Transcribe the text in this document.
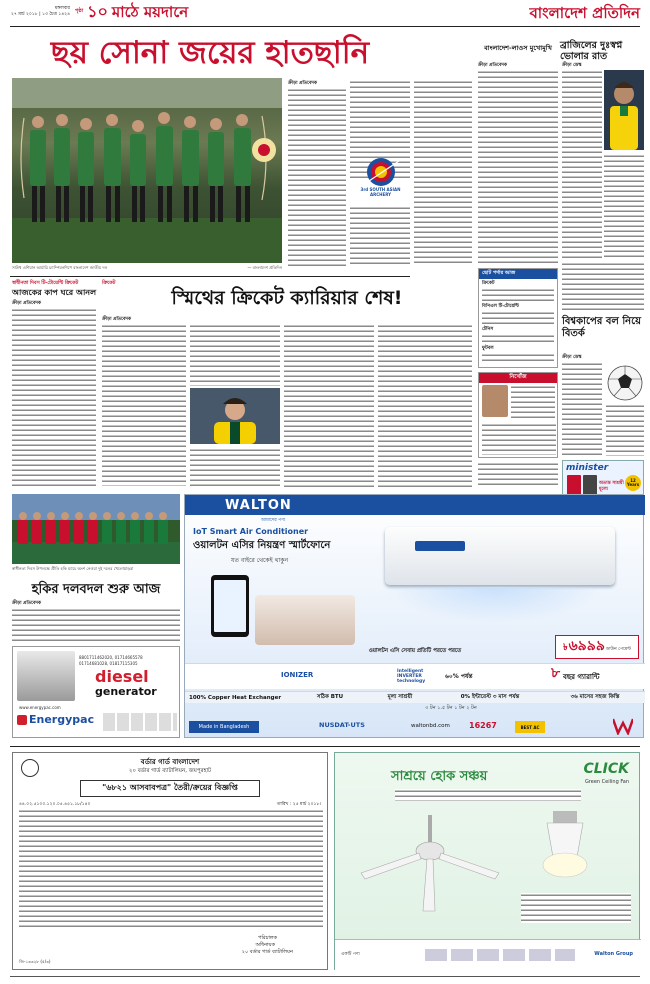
মঙ্গলবার
২৭ মার্চ ২০১৮ | ১৩ চৈত্র ১৪২৪
পৃষ্ঠা ১০ মাঠে ময়দানে	বাংলাদেশ প্রতিদিন
ছয় সোনা জয়ের হাতছানি
সাউথ এশিয়ান আর্চারি চ্যাম্পিয়নশিপে বাংলাদেশ জাতীয় দল	— বাংলাদেশ প্রতিদিন
ক্রীড়া প্রতিবেদক
3rd SOUTH ASIAN ARCHERY
বাংলাদেশ-লাওস মুখোমুখি
ক্রীড়া প্রতিবেদক
ব্রাজিলের দুঃস্বপ্ন ভোলার রাত
ক্রীড়া ডেস্ক
স্বাধীনতা দিবস টি-টোয়েন্টি ক্রিকেট
আজকের কাপ ঘরে আনল
ক্রীড়া প্রতিবেদক
ক্রিকেট
স্মিথের ক্রিকেট ক্যারিয়ার শেষ!
ক্রীড়া প্রতিবেদক
ছোট পর্দার আজ
ক্রিকেট
বিপিএল টি-টোয়েন্টি
টেনিস
ফুটবল
নিখোঁজ
বিশ্বকাপের বল নিয়ে বিতর্ক
ক্রীড়া ডেস্ক
minister
অত্যন্ত সাশ্রয়ী মূল্যে
12 Years
স্বাধীনতা দিবস উপলক্ষে প্রীতি হকি ম্যাচে অংশ নেওয়া দুই দলের খেলোয়াড়রা
হকির দলবদল শুরু আজ
ক্রীড়া প্রতিবেদক
8801711462020, 01714665578
01714681028, 01817115305
diesel
generator
Energypac
www.energypac.com
WALTON
আমাদের পণ্য
IoT Smart Air Conditioner
ওয়ালটন এসির নিয়ন্ত্রণ স্মার্টফোনে
যত বাইরে থেকেই থাকুন
ওয়ালটন এসি সেবায় প্রতিটি পরতে পরতে	৳ ৬৯৯৯ ডাউন পেমেন্ট
IONIZER	Intelligent INVERTER technology
৬০% পর্যন্ত	৮ বছর গ্যারান্টি
100% Copper Heat Exchanger	সঠিক BTU	মূল্য সাশ্রয়ী	0% ইন্টারেস্ট ৩ মাস পর্যন্ত	৩৬ মাসের সহজ কিস্তি
৩ টন ১.৫ টন ১ টন ২ টন
Made in Bangladesh	NUSDAT-UTS	waltonbd.com 16267	BEST AC
বর্ডার গার্ড বাংলাদেশ
২০ বর্ডার গার্ড ব্যাটালিয়ন, জয়পুরহাট
"৬৮২১ আসবাবপত্র" তৈরী/ক্রয়ের বিজ্ঞপ্তি
৪৪.০২.৫১০০.১২০.০৫.৪৫১.১৮/১৪০	তারিখ : ২৫ মার্চ ২০১৮।
পরিচালক
অধিনায়ক
২০ বর্ডার গার্ড ব্যাটালিয়ন
জি-১৩৩২৮ (৫/৩)
সাশ্রয়ে হোক সঞ্চয়	CLICK
Green Ceiling Fan
একটি পণ্য	Walton Group
